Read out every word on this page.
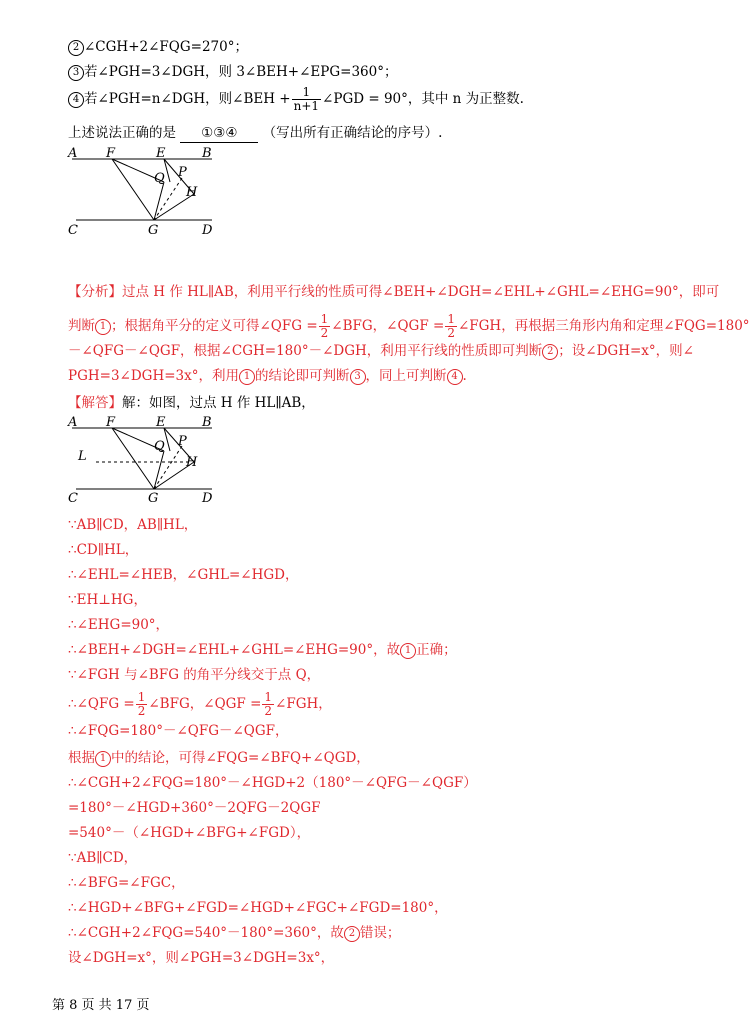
2 ∠CGH+2∠FQG=270°；
3 若∠PGH=3∠DGH，则 3∠BEH+∠EPG=360°；
4 若∠PGH=n∠DGH，则∠BEH + $\frac{1}{n+1}$ ∠PGD = 90°，其中 n 为正整数.
上述说法正确的是 ①③④ （写出所有正确结论的序号）.
A F	E	B
Q P
H
C	G	D
【分析】过点 H 作 HL∥AB，利用平行线的性质可得∠BEH+∠DGH=∠EHL+∠GHL=∠EHG=90°，即可
判断 1 ；根据角平分的定义可得∠QFG = $\frac{1}{2}$ ∠BFG，∠QGF = $\frac{1}{2}$ ∠FGH，再根据三角形内角和定理∠FQG=180°
－∠QFG－∠QGF，根据∠CGH=180°－∠DGH，利用平行线的性质即可判断 2 ；设∠DGH=x°，则∠
PGH=3∠DGH=3x°，利用 1 的结论即可判断 3 ，同上可判断 4 .
【解答】解：如图，过点 H 作 HL∥AB，
A F	E	B
Q P
L	H
C	G	D
∵AB∥CD，AB∥HL，
∴CD∥HL，
∴∠EHL=∠HEB，∠GHL=∠HGD，
∵EH⊥HG，
∴∠EHG=90°，
∴∠BEH+∠DGH=∠EHL+∠GHL=∠EHG=90°，故 1 正确；
∵∠FGH 与∠BFG 的角平分线交于点 Q，
∴∠QFG = $\frac{1}{2}$ ∠BFG，∠QGF = $\frac{1}{2}$ ∠FGH，
∴∠FQG=180°－∠QFG－∠QGF，
根据 1 中的结论，可得∠FQG=∠BFQ+∠QGD，
∴∠CGH+2∠FQG=180°－∠HGD+2（180°－∠QFG－∠QGF）
=180°－∠HGD+360°－2QFG－2QGF
=540°－（∠HGD+∠BFG+∠FGD），
∵AB∥CD，
∴∠BFG=∠FGC，
∴∠HGD+∠BFG+∠FGD=∠HGD+∠FGC+∠FGD=180°，
∴∠CGH+2∠FQG=540°－180°=360°，故 2 错误；
设∠DGH=x°，则∠PGH=3∠DGH=3x°，
第 8 页 共 17 页
